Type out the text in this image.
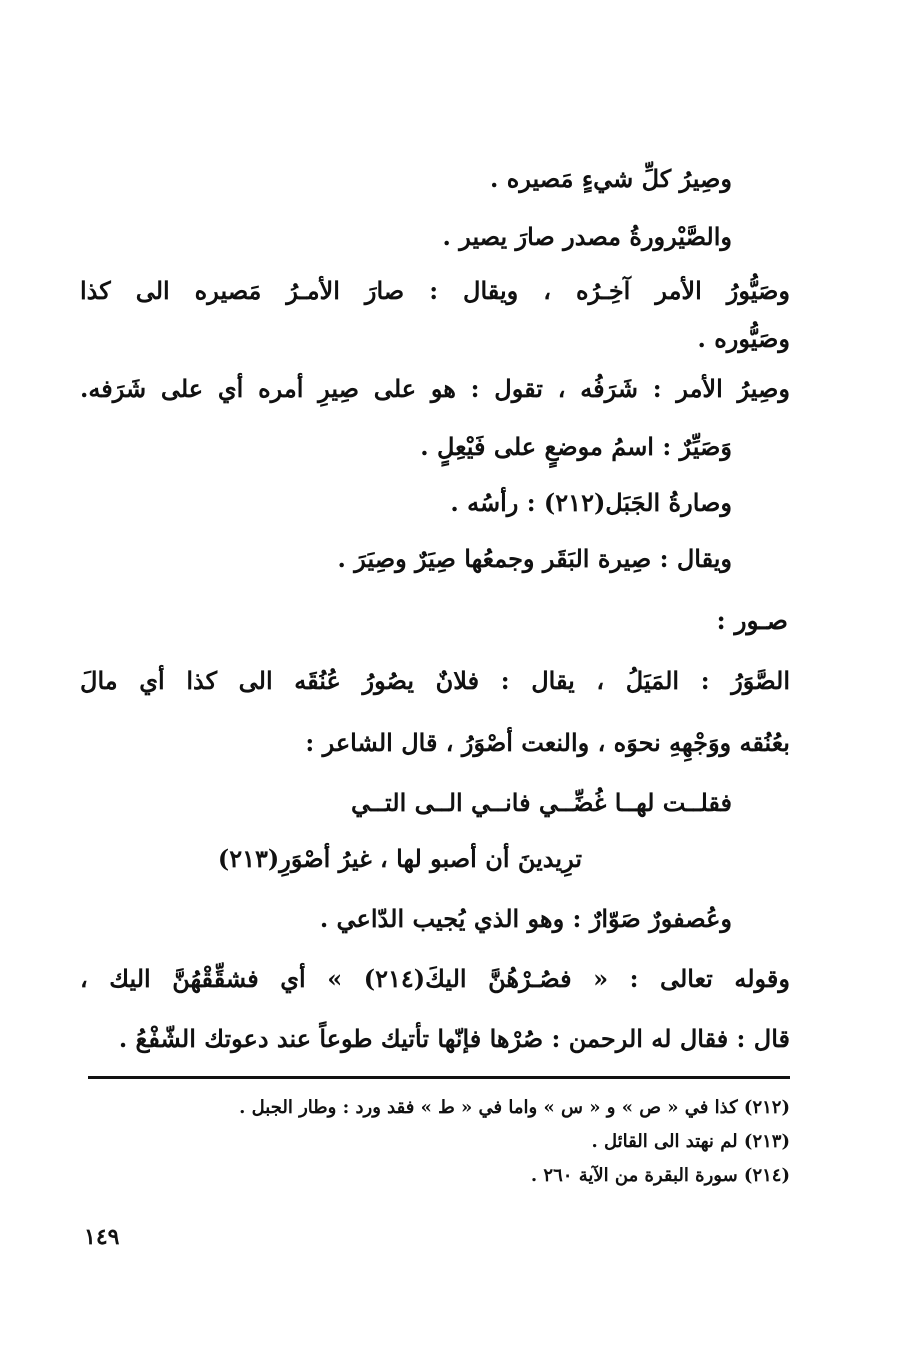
وصِيرُ كلِّ شيءٍ مَصيره .
والصَّيْرورةُ مصدر صارَ يصير .
وصَيُّورُ الأمر آخِـرُه ، ويقال : صارَ الأمـرُ مَصيره الى كذا
وصَيُّوره .
وصِيرُ الأمر : شَرَفُه ، تقول : هو على صِيرِ أمره أي على شَرَفه.
وَصَيِّرٌ : اسمُ موضعٍ على فَيْعِلٍ .
وصارةُ الجَبَل(٢١٢) : رأسُه .
ويقال : صِيرة البَقَر وجمعُها صِيَرٌ وصِيَرَ .
صـور :
الصَّوَرُ : المَيَلُ ، يقال : فلانٌ يصُورُ عُنُقَه الى كذا أي مالَ
بعُنُقه ووَجْهِهِ نحوَه ، والنعت أصْوَرُ ، قال الشاعر :
فقلــت لهــا غُضِّــي فانــي الــى التــي
ترِيدينَ أن أصبو لها ، غيرُ أصْوَرِ(٢١٣)
وعُصفورٌ صَوّارٌ : وهو الذي يُجيب الدّاعي .
وقوله تعالى : « فصُـرْهُنَّ اليكَ(٢١٤) » أي فشقِّقْهُنَّ اليك ،
قال : فقال له الرحمن : صُرْها فإنّها تأتيك طوعاً عند دعوتك الشّفْعُ .
(٢١٢) كذا في « ص » و « س » واما في « ط » فقد ورد : وطار الجبل .
(٢١٣) لم نهتد الى القائل .
(٢١٤) سورة البقرة من الآية ٢٦٠ .
١٤٩
